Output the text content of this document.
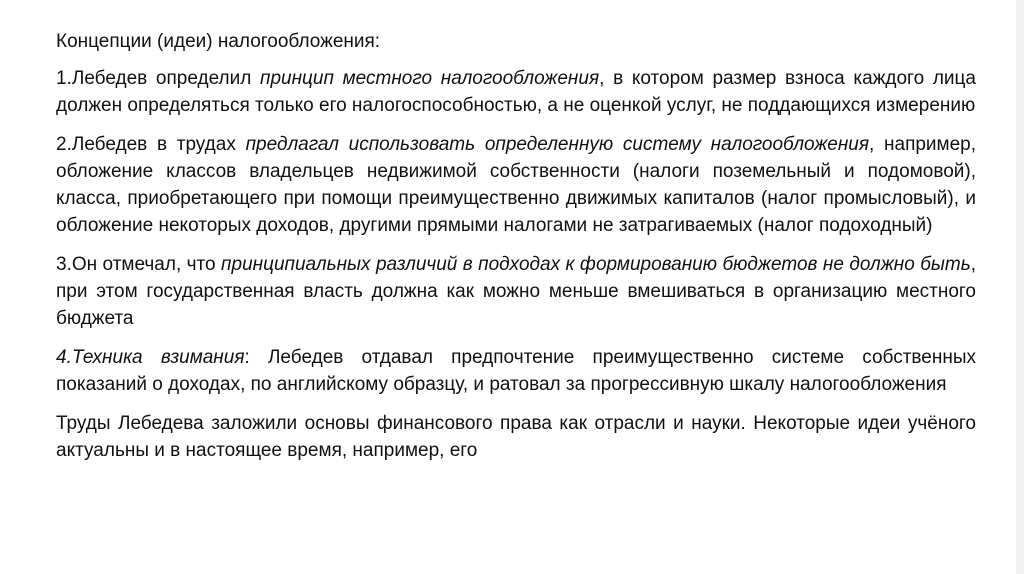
Концепции (идеи) налогообложения:

1.Лебедев определил принцип местного налогообложения, в котором размер взноса каждого лица должен определяться только его налогоспособностью, а не оценкой услуг, не поддающихся измерению

2.Лебедев в трудах предлагал использовать определенную систему налогообложения, например, обложение классов владельцев недвижимой собственности (налоги поземельный и подомовой), класса, приобретающего при помощи преимущественно движимых капиталов (налог промысловый), и обложение некоторых доходов, другими прямыми налогами не затрагиваемых (налог подоходный)

3.Он отмечал, что принципиальных различий в подходах к формированию бюджетов не должно быть, при этом государственная власть должна как можно меньше вмешиваться в организацию местного бюджета

4.Техника взимания: Лебедев отдавал предпочтение преимущественно системе собственных показаний о доходах, по английскому образцу, и ратовал за прогрессивную шкалу налогообложения

Труды Лебедева заложили основы финансового права как отрасли и науки. Некоторые идеи учёного актуальны и в настоящее время, например, его
